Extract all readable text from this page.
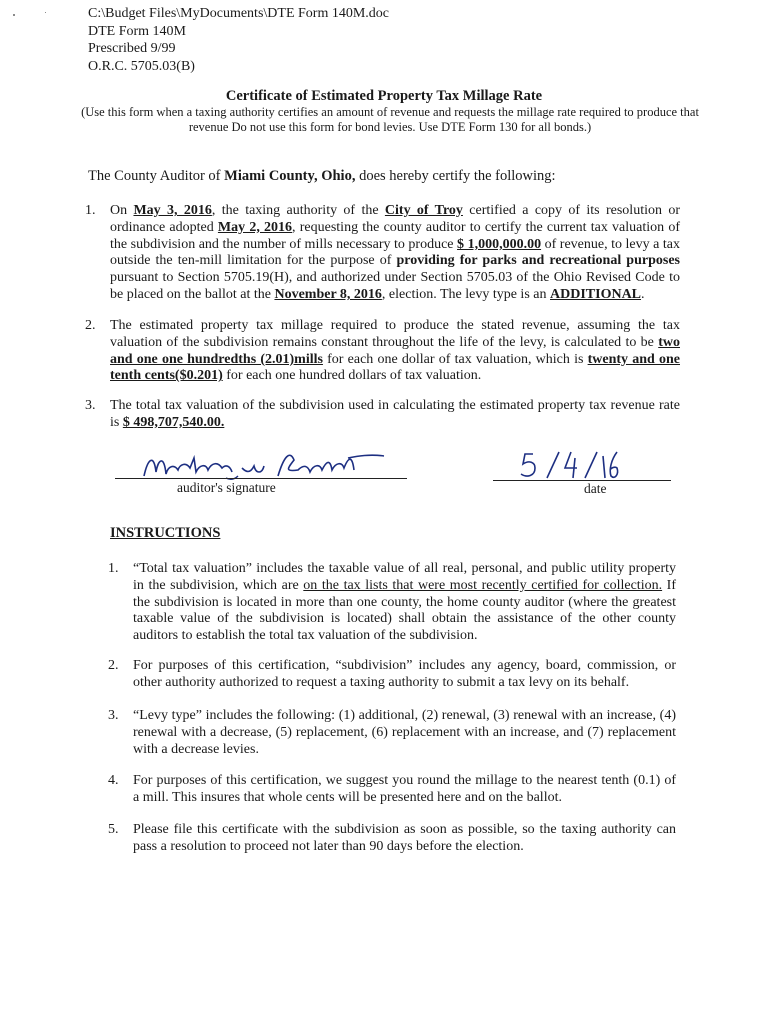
C:\Budget Files\MyDocuments\DTE Form 140M.doc
DTE Form 140M
Prescribed 9/99
O.R.C. 5705.03(B)
Certificate of Estimated Property Tax Millage Rate
(Use this form when a taxing authority certifies an amount of revenue and requests the millage rate required to produce that revenue Do not use this form for bond levies. Use DTE Form 130 for all bonds.)
The County Auditor of Miami County, Ohio, does hereby certify the following:
1.	On May 3, 2016, the taxing authority of the City of Troy certified a copy of its resolution or ordinance adopted May 2, 2016, requesting the county auditor to certify the current tax valuation of the subdivision and the number of mills necessary to produce $ 1,000,000.00 of revenue, to levy a tax outside the ten-mill limitation for the purpose of providing for parks and recreational purposes pursuant to Section 5705.19(H), and authorized under Section 5705.03 of the Ohio Revised Code to be placed on the ballot at the November 8, 2016, election. The levy type is an ADDITIONAL.
2.	The estimated property tax millage required to produce the stated revenue, assuming the tax valuation of the subdivision remains constant throughout the life of the levy, is calculated to be two and one one hundredths (2.01)mills for each one dollar of tax valuation, which is twenty and one tenth cents($0.201) for each one hundred dollars of tax valuation.
3.	The total tax valuation of the subdivision used in calculating the estimated property tax revenue rate is $ 498,707,540.00.
auditor's signature	date
INSTRUCTIONS
1.	“Total tax valuation” includes the taxable value of all real, personal, and public utility property in the subdivision, which are on the tax lists that were most recently certified for collection. If the subdivision is located in more than one county, the home county auditor (where the greatest taxable value of the subdivision is located) shall obtain the assistance of the other county auditors to establish the total tax valuation of the subdivision.
2.	For purposes of this certification, “subdivision” includes any agency, board, commission, or other authority authorized to request a taxing authority to submit a tax levy on its behalf.
3.	“Levy type” includes the following: (1) additional, (2) renewal, (3) renewal with an increase, (4) renewal with a decrease, (5) replacement, (6) replacement with an increase, and (7) replacement with a decrease levies.
4.	For purposes of this certification, we suggest you round the millage to the nearest tenth (0.1) of a mill. This insures that whole cents will be presented here and on the ballot.
5.	Please file this certificate with the subdivision as soon as possible, so the taxing authority can pass a resolution to proceed not later than 90 days before the election.
